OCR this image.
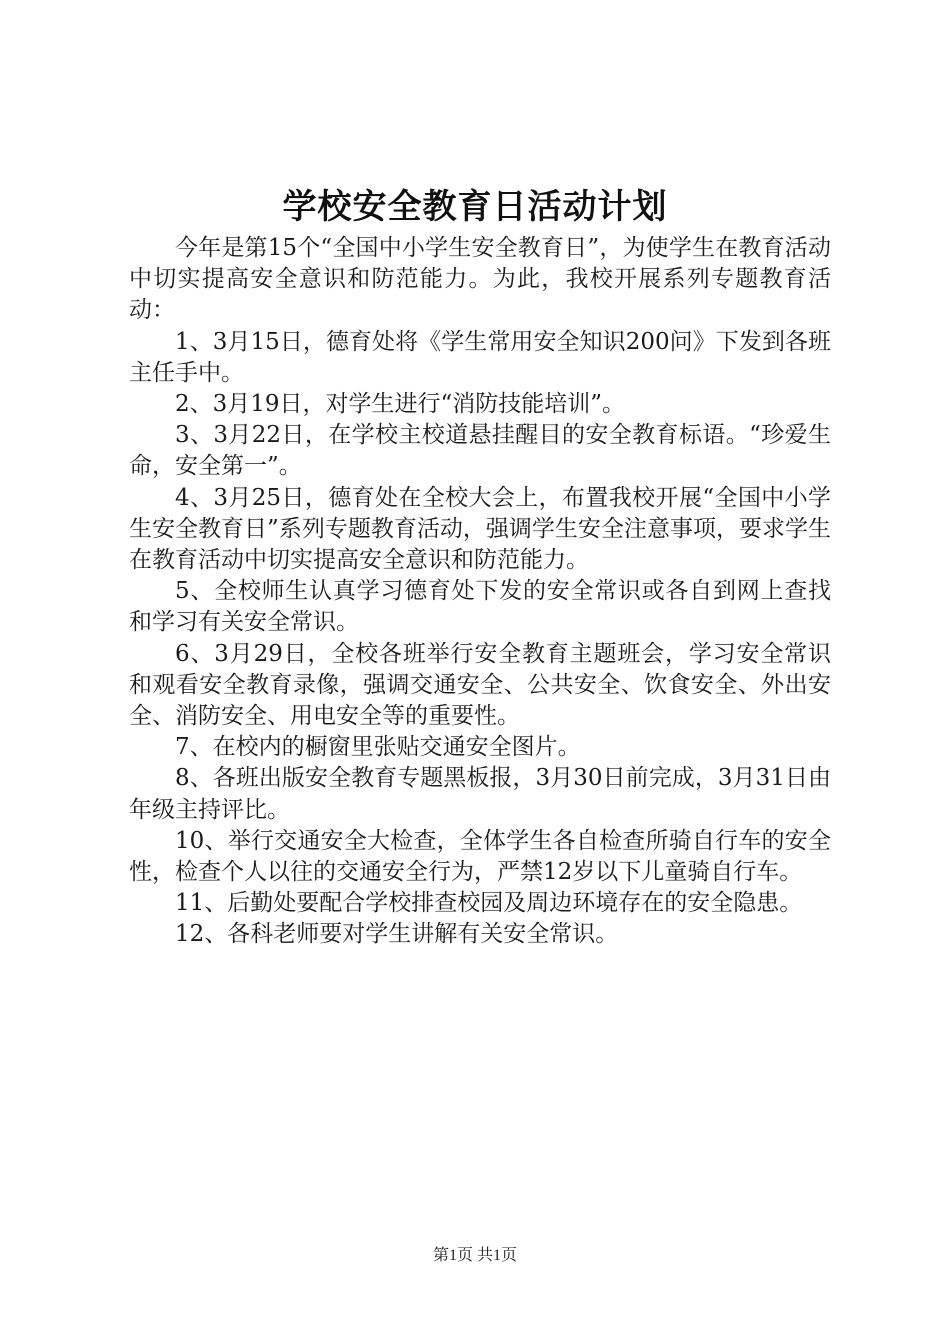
学校安全教育日活动计划

今年是第15个“全国中小学生安全教育日”，为使学生在教育活动中切实提高安全意识和防范能力。为此，我校开展系列专题教育活动：

1、3月15日，德育处将《学生常用安全知识200问》下发到各班主任手中。

2、3月19日，对学生进行“消防技能培训”。

3、3月22日，在学校主校道悬挂醒目的安全教育标语。“珍爱生命，安全第一”。

4、3月25日，德育处在全校大会上，布置我校开展“全国中小学生安全教育日”系列专题教育活动，强调学生安全注意事项，要求学生在教育活动中切实提高安全意识和防范能力。

5、全校师生认真学习德育处下发的安全常识或各自到网上查找和学习有关安全常识。

6、3月29日，全校各班举行安全教育主题班会，学习安全常识和观看安全教育录像，强调交通安全、公共安全、饮食安全、外出安全、消防安全、用电安全等的重要性。

7、在校内的橱窗里张贴交通安全图片。

8、各班出版安全教育专题黑板报，3月30日前完成，3月31日由年级主持评比。

10、举行交通安全大检查，全体学生各自检查所骑自行车的安全性，检查个人以往的交通安全行为，严禁12岁以下儿童骑自行车。

11、后勤处要配合学校排查校园及周边环境存在的安全隐患。

12、各科老师要对学生讲解有关安全常识。

第1页 共1页
